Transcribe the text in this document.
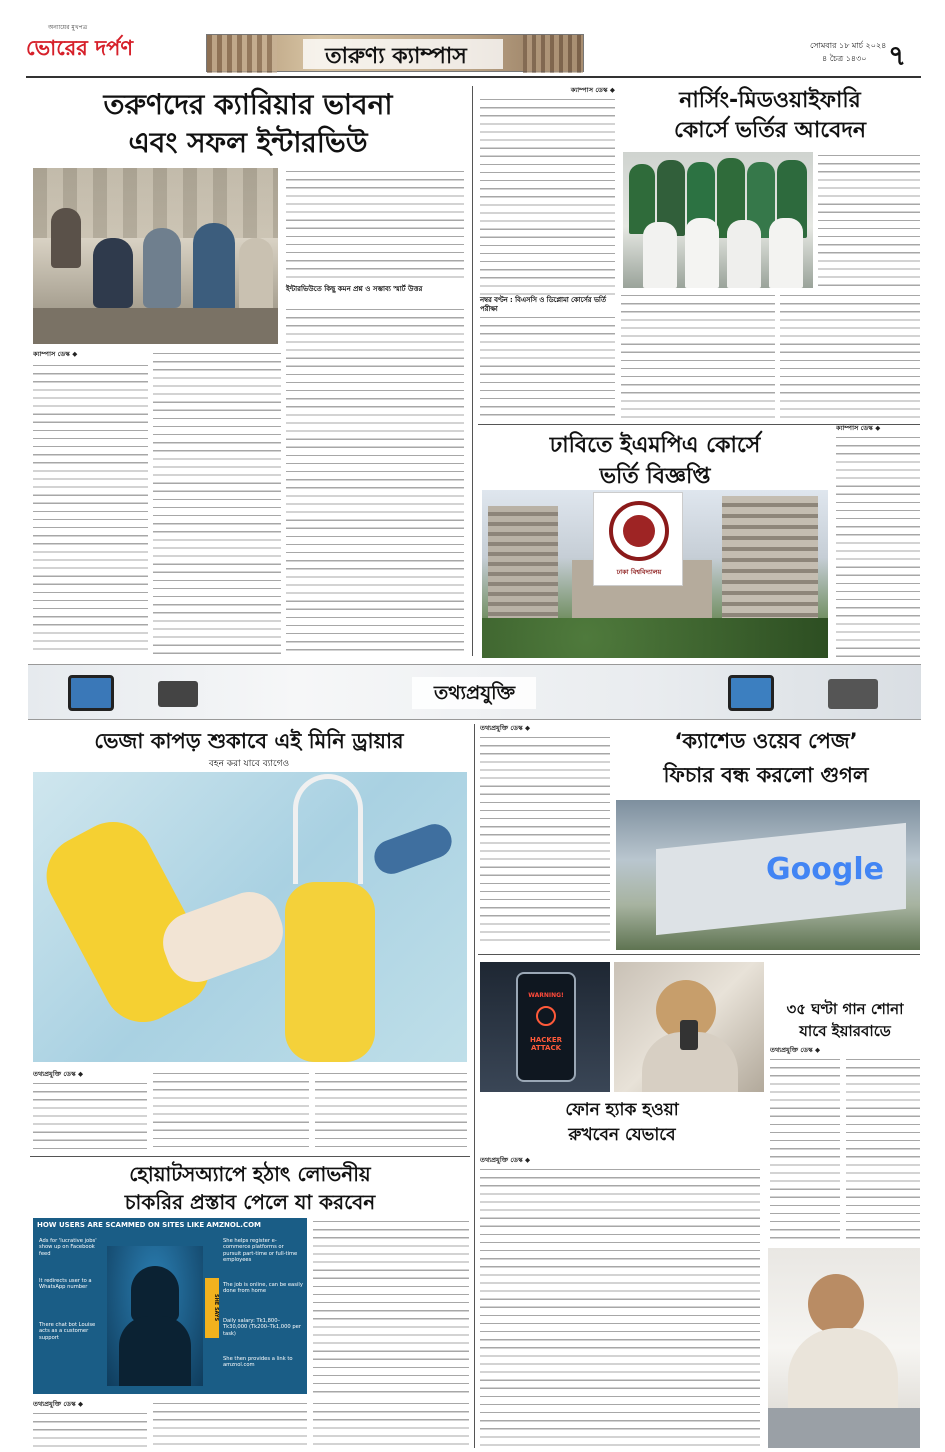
অন্যায়ের মুখপত্র
ভোরের দর্পণ	তারুণ্য ক্যাম্পাস	সোমবার ১৮ মার্চ ২০২৪
৪ চৈত্র ১৪৩০ ৭
তরুণদের ক্যারিয়ার ভাবনা
এবং সফল ইন্টারভিউ
ইন্টারভিউতে কিছু কমন প্রশ্ন ও সম্ভাব্য স্মার্ট উত্তর
ক্যাম্পাস ডেস্ক ◆
ক্যাম্পাস ডেস্ক ◆	নার্সিং-মিডওয়াইফারি
কোর্সে ভর্তির আবেদন
নম্বর বণ্টন : বিএসসি ও ডিপ্লোমা কোর্সের ভর্তি পরীক্ষা
ঢাবিতে ইএমপিএ কোর্সে
ভর্তি বিজ্ঞপ্তি
ঢাকা বিশ্ববিদ্যালয়
ক্যাম্পাস ডেস্ক ◆
তথ্যপ্রযুক্তি
ভেজা কাপড় শুকাবে এই মিনি ড্রায়ার
বহন করা যাবে ব্যাগেও
তথ্যপ্রযুক্তি ডেস্ক ◆
তথ্যপ্রযুক্তি ডেস্ক ◆
‘ক্যাশেড ওয়েব পেজ’
ফিচার বন্ধ করলো গুগল
Google
WARNING!
HACKER ATTACK
ফোন হ্যাক হওয়া
রুখবেন যেভাবে
তথ্যপ্রযুক্তি ডেস্ক ◆
৩৫ ঘণ্টা গান শোনা
যাবে ইয়ারবাডে
তথ্যপ্রযুক্তি ডেস্ক ◆
হোয়াটসঅ্যাপে হঠাৎ লোভনীয়
চাকরির প্রস্তাব পেলে যা করবেন
HOW USERS ARE SCAMMED ON SITES LIKE AMZNOL.COM
Ads for 'lucrative jobs' show up on Facebook feed
It redirects user to a WhatsApp number
There chat bot Louise acts as a customer support
SHE SAYS
She helps register e-commerce platforms or pursuit part-time or full-time employees
The job is online, can be easily done from home
Daily salary: Tk1,800–Tk30,000 (Tk200–Tk1,000 per task)
She then provides a link to amznol.com
তথ্যপ্রযুক্তি ডেস্ক ◆
